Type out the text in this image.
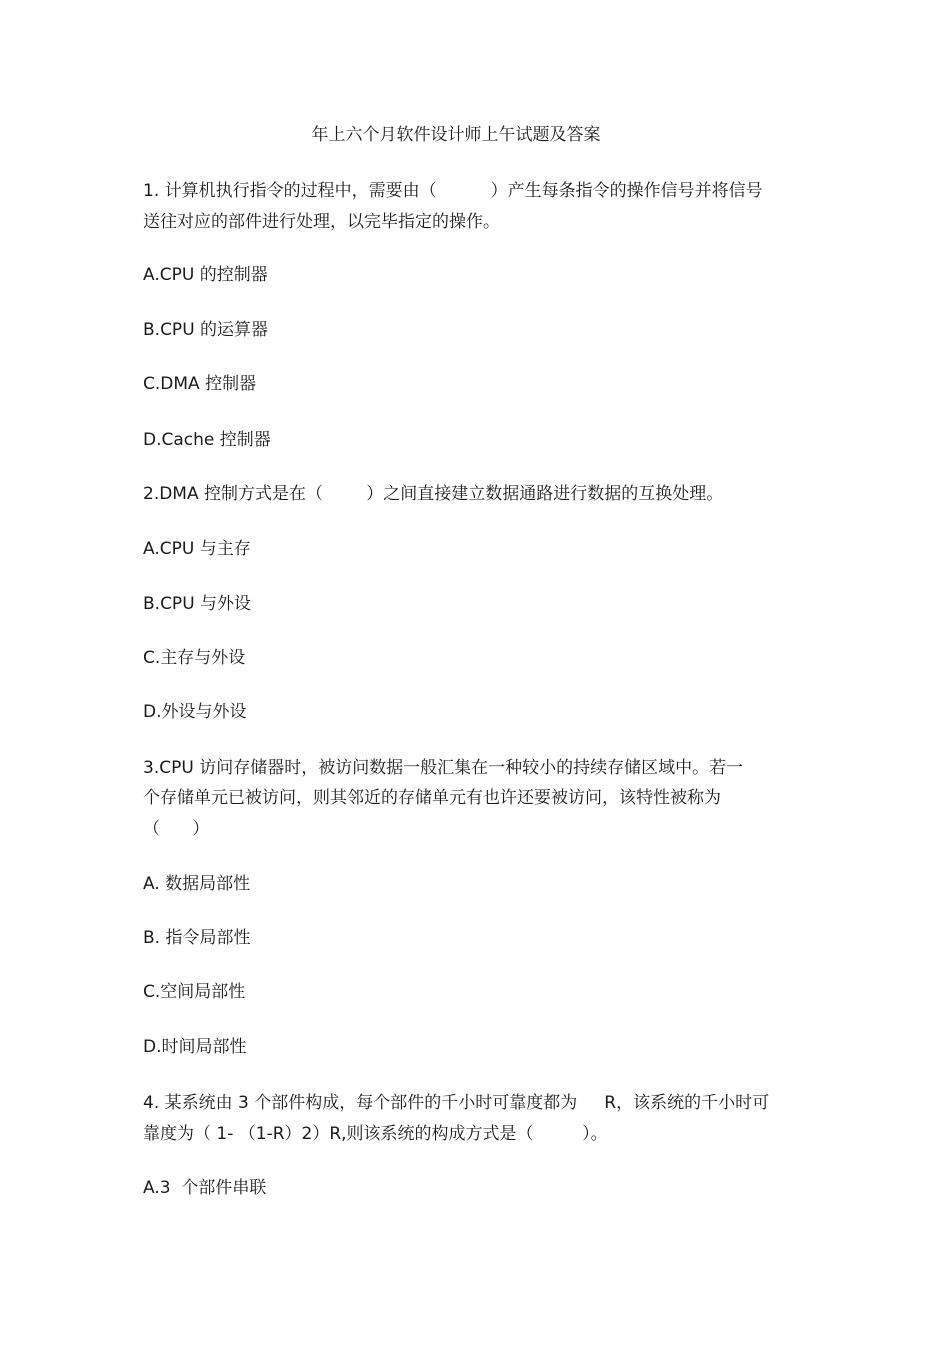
年上六个月软件设计师上午试题及答案
1. 计算机执行指令的过程中，需要由（          ）产生每条指令的操作信号并将信号
送往对应的部件进行处理，以完毕指定的操作。
A.CPU 的控制器
B.CPU 的运算器
C.DMA 控制器
D.Cache 控制器
2.DMA 控制方式是在（        ）之间直接建立数据通路进行数据的互换处理。
A.CPU 与主存
B.CPU 与外设
C.主存与外设
D.外设与外设
3.CPU 访问存储器时，被访问数据一般汇集在一种较小的持续存储区域中。若一
个存储单元已被访问，则其邻近的存储单元有也许还要被访问，该特性被称为
（      ）
A. 数据局部性
B. 指令局部性
C.空间局部性
D.时间局部性
4. 某系统由 3 个部件构成，每个部件的千小时可靠度都为     R，该系统的千小时可
靠度为（ 1- （1-R）2）R,则该系统的构成方式是（         ）。
A.3  个部件串联
